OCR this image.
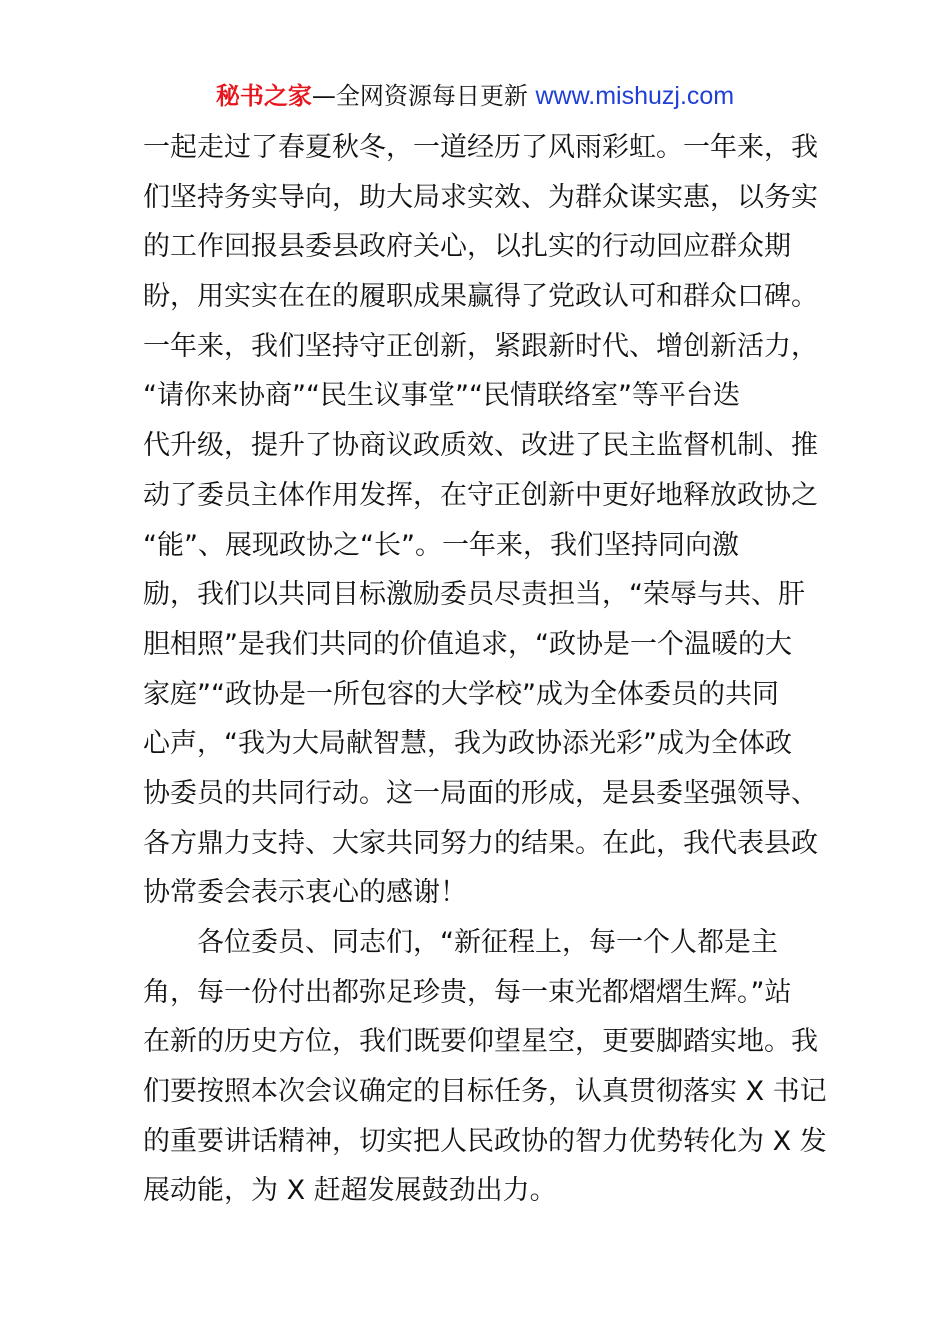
秘书之家—全网资源每日更新 www.mishuzj.com
一起走过了春夏秋冬，一道经历了风雨彩虹。一年来，我
们坚持务实导向，助大局求实效、为群众谋实惠，以务实
的工作回报县委县政府关心，以扎实的行动回应群众期
盼，用实实在在的履职成果赢得了党政认可和群众口碑。
一年来，我们坚持守正创新，紧跟新时代、增创新活力，
“请你来协商”“民生议事堂”“民情联络室”等平台迭
代升级，提升了协商议政质效、改进了民主监督机制、推
动了委员主体作用发挥，在守正创新中更好地释放政协之
“能”、展现政协之“长”。一年来，我们坚持同向激
励，我们以共同目标激励委员尽责担当，“荣辱与共、肝
胆相照”是我们共同的价值追求，“政协是一个温暖的大
家庭”“政协是一所包容的大学校”成为全体委员的共同
心声，“我为大局献智慧，我为政协添光彩”成为全体政
协委员的共同行动。这一局面的形成，是县委坚强领导、
各方鼎力支持、大家共同努力的结果。在此，我代表县政
协常委会表示衷心的感谢！
各位委员、同志们，“新征程上，每一个人都是主
角，每一份付出都弥足珍贵，每一束光都熠熠生辉。”站
在新的历史方位，我们既要仰望星空，更要脚踏实地。我
们要按照本次会议确定的目标任务，认真贯彻落实 X 书记
的重要讲话精神，切实把人民政协的智力优势转化为 X 发
展动能，为 X 赶超发展鼓劲出力。
